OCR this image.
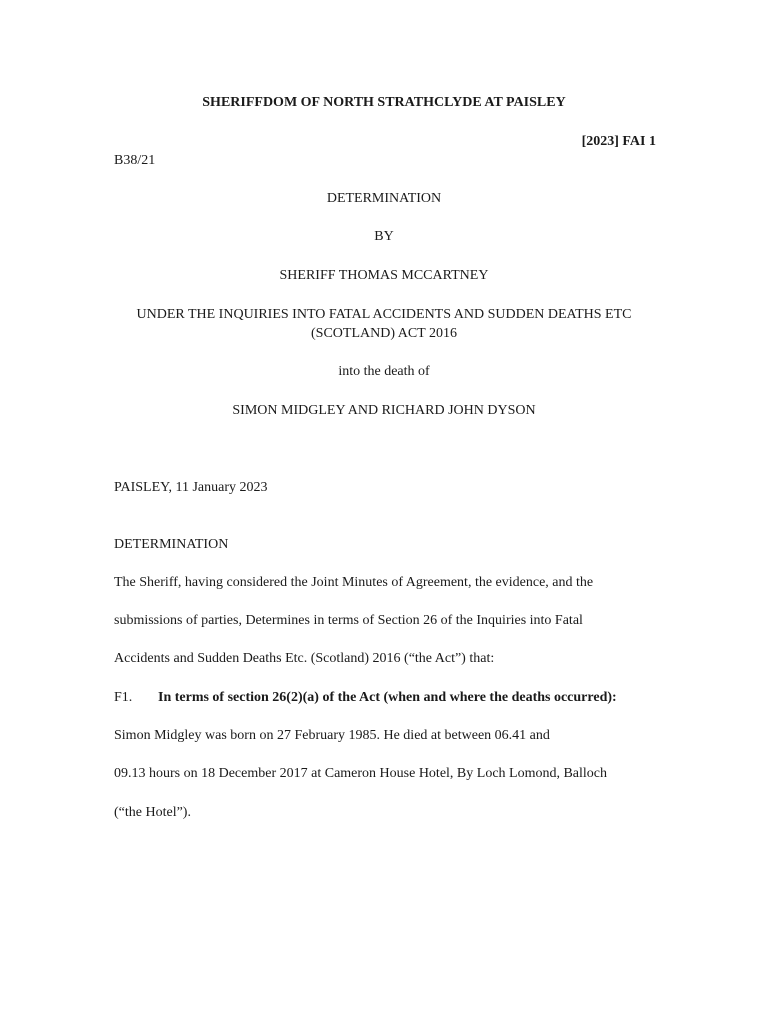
SHERIFFDOM OF NORTH STRATHCLYDE AT PAISLEY
[2023] FAI 1
B38/21
DETERMINATION
BY
SHERIFF THOMAS MCCARTNEY
UNDER THE INQUIRIES INTO FATAL ACCIDENTS AND SUDDEN DEATHS ETC
(SCOTLAND) ACT 2016
into the death of
SIMON MIDGLEY AND RICHARD JOHN DYSON
PAISLEY, 11 January 2023
DETERMINATION
The Sheriff, having considered the Joint Minutes of Agreement, the evidence, and the
submissions of parties, Determines in terms of Section 26 of the Inquiries into Fatal
Accidents and Sudden Deaths Etc. (Scotland) 2016 (“the Act”) that:
F1. In terms of section 26(2)(a) of the Act (when and where the deaths occurred):
Simon Midgley was born on 27 February 1985. He died at between 06.41 and
09.13 hours on 18 December 2017 at Cameron House Hotel, By Loch Lomond, Balloch
(“the Hotel”).
